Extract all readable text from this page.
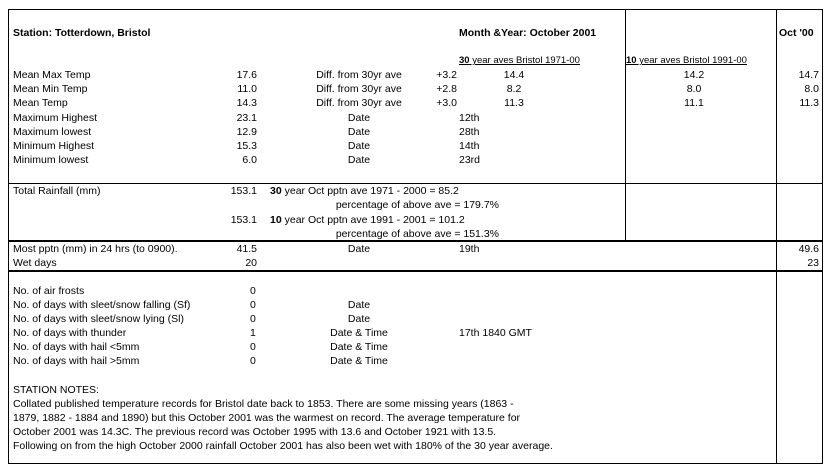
Station: Totterdown, Bristol	Month &Year: October 2001	Oct '00
30 year aves Bristol 1971-00	10 year aves Bristol 1991-00
Mean Max Temp	17.6	Diff. from 30yr ave	+3.2	14.4	14.2	14.7
Mean Min Temp	11.0	Diff. from 30yr ave	+2.8	8.2	8.0	8.0
Mean Temp	14.3	Diff. from 30yr ave	+3.0	11.3	11.1	11.3
Maximum Highest	23.1	Date	12th
Maximum lowest	12.9	Date	28th
Minimum Highest	15.3	Date	14th
Minimum lowest	6.0	Date	23rd
Total Rainfall (mm)	153.1 30 year Oct pptn ave 1971 - 2000 = 85.2
percentage of above ave = 179.7%
153.1 10 year Oct pptn ave 1991 - 2001 = 101.2
percentage of above ave = 151.3%
Most pptn (mm) in 24 hrs (to 0900).	41.5	Date	19th	49.6
Wet days	20	23
No. of air frosts	0
No. of days with sleet/snow falling (Sf)	0	Date
No. of days with sleet/snow lying (Sl)	0	Date
No. of days with thunder	1	Date & Time	17th 1840 GMT
No. of days with hail <5mm	0	Date & Time
No. of days with hail >5mm	0	Date & Time
STATION NOTES:
Collated published temperature records for Bristol date back to 1853. There are some missing years (1863 -
1879, 1882 - 1884 and 1890) but this October 2001 was the warmest on record. The average temperature for
October 2001 was 14.3C. The previous record was October 1995 with 13.6 and October 1921 with 13.5.
Following on from the high October 2000 rainfall October 2001 has also been wet with 180% of the 30 year average.
